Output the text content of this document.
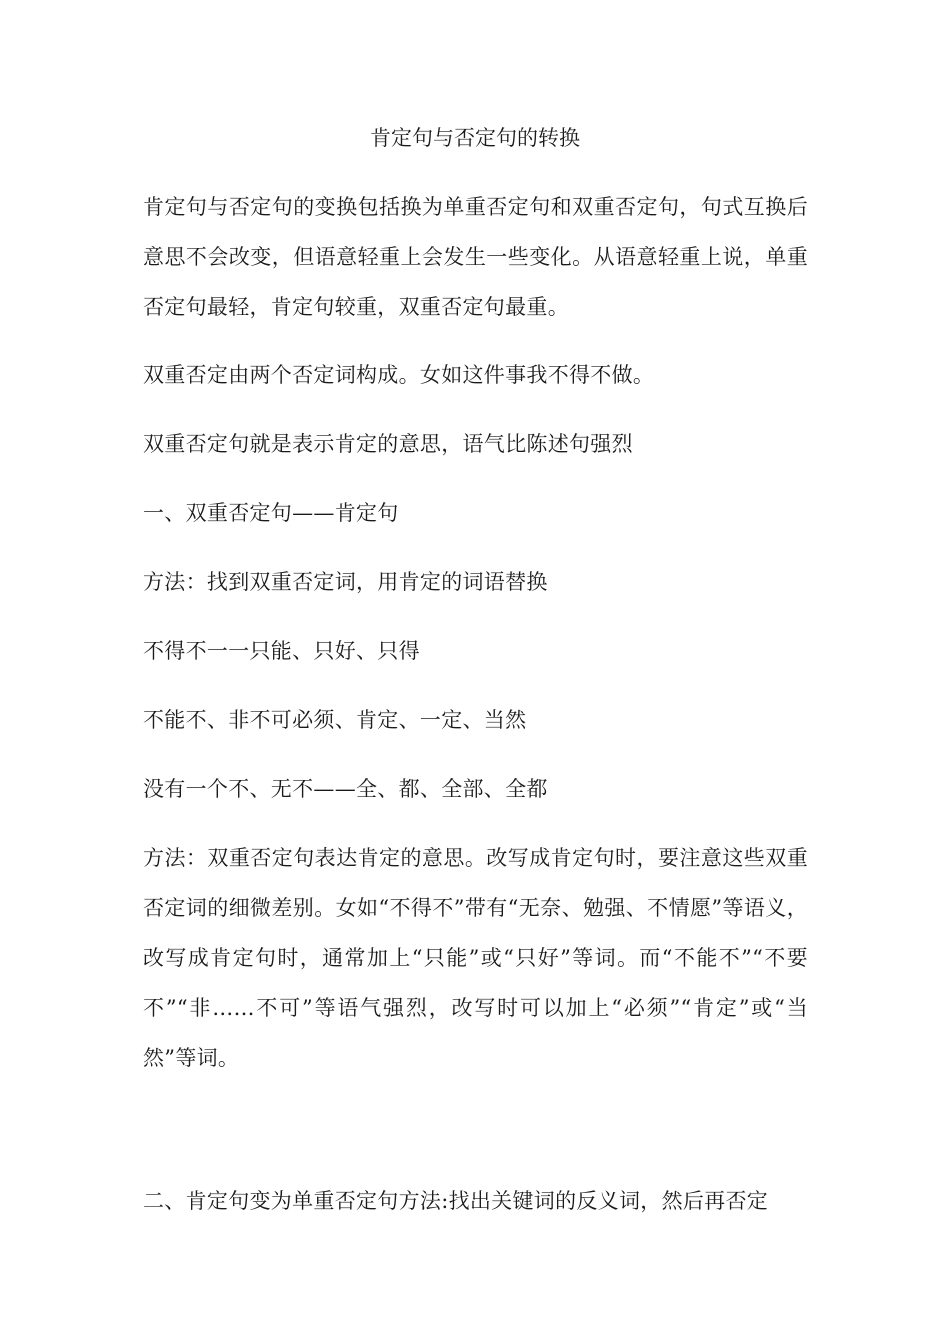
肯定句与否定句的转换

肯定句与否定句的变换包括换为单重否定句和双重否定句，句式互换后意思不会改变，但语意轻重上会发生一些变化。从语意轻重上说，单重否定句最轻，肯定句较重，双重否定句最重。

双重否定由两个否定词构成。女如这件事我不得不做。

双重否定句就是表示肯定的意思，语气比陈述句强烈

一、双重否定句——肯定句

方法：找到双重否定词，用肯定的词语替换

不得不一一只能、只好、只得

不能不、非不可必须、肯定、一定、当然

没有一个不、无不——全、都、全部、全都

方法：双重否定句表达肯定的意思。改写成肯定句时，要注意这些双重否定词的细微差别。女如“不得不”带有“无奈、勉强、不情愿”等语义，改写成肯定句时，通常加上“只能”或“只好”等词。而“不能不”“不要不”“非……不可”等语气强烈，改写时可以加上“必须”“肯定”或“当然”等词。

二、肯定句变为单重否定句方法:找出关键词的反义词，然后再否定
